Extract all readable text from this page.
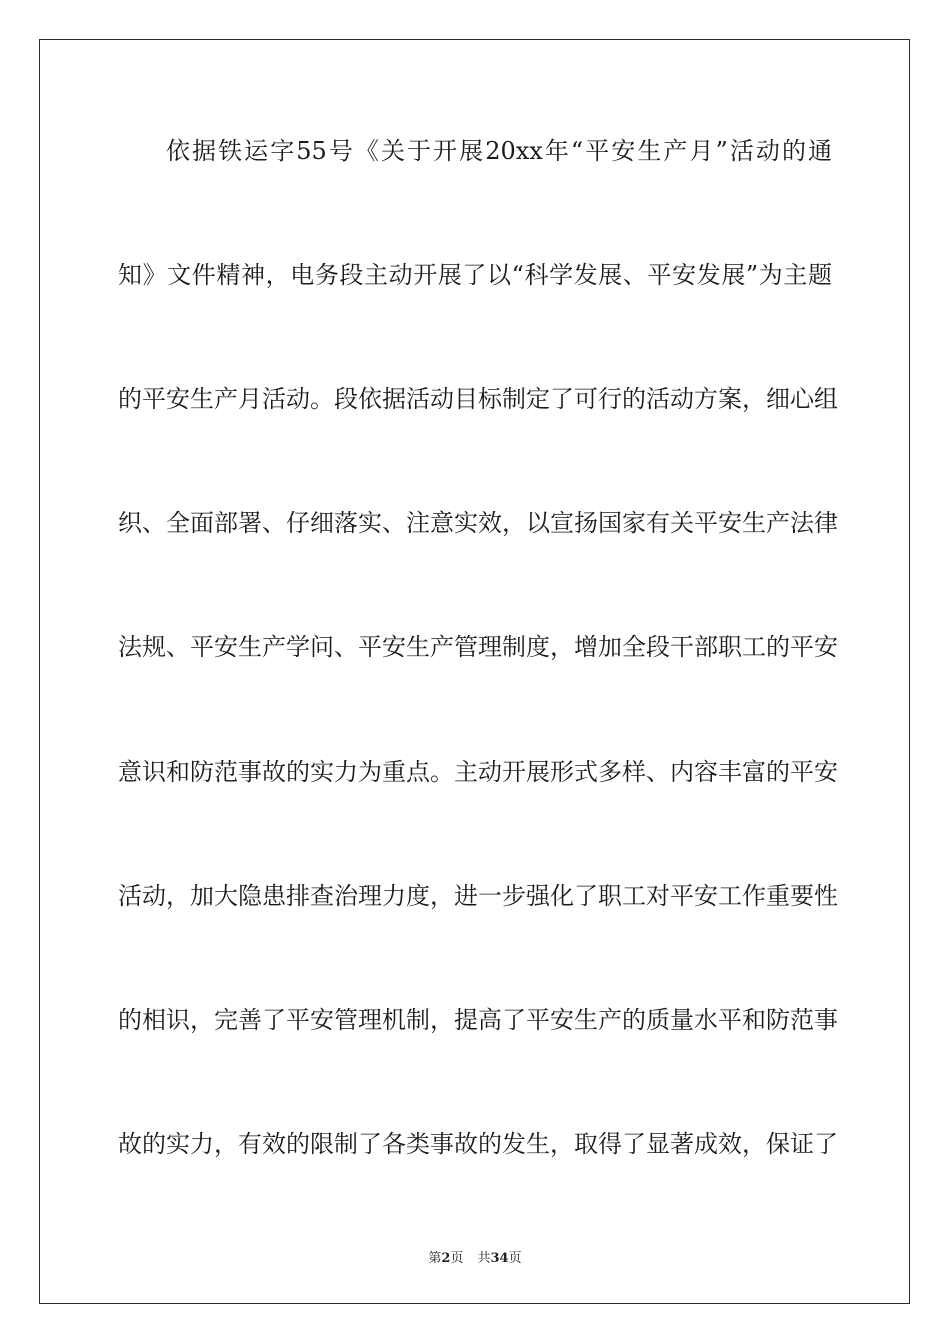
依据铁运字55号《关于开展20xx年“平安生产月”活动的通
知》文件精神，电务段主动开展了以“科学发展、平安发展”为主题
的平安生产月活动。段依据活动目标制定了可行的活动方案，细心组
织、全面部署、仔细落实、注意实效，以宣扬国家有关平安生产法律
法规、平安生产学问、平安生产管理制度，增加全段干部职工的平安
意识和防范事故的实力为重点。主动开展形式多样、内容丰富的平安
活动，加大隐患排查治理力度，进一步强化了职工对平安工作重要性
的相识，完善了平安管理机制，提高了平安生产的质量水平和防范事
故的实力，有效的限制了各类事故的发生，取得了显著成效，保证了
第2页 共34页
